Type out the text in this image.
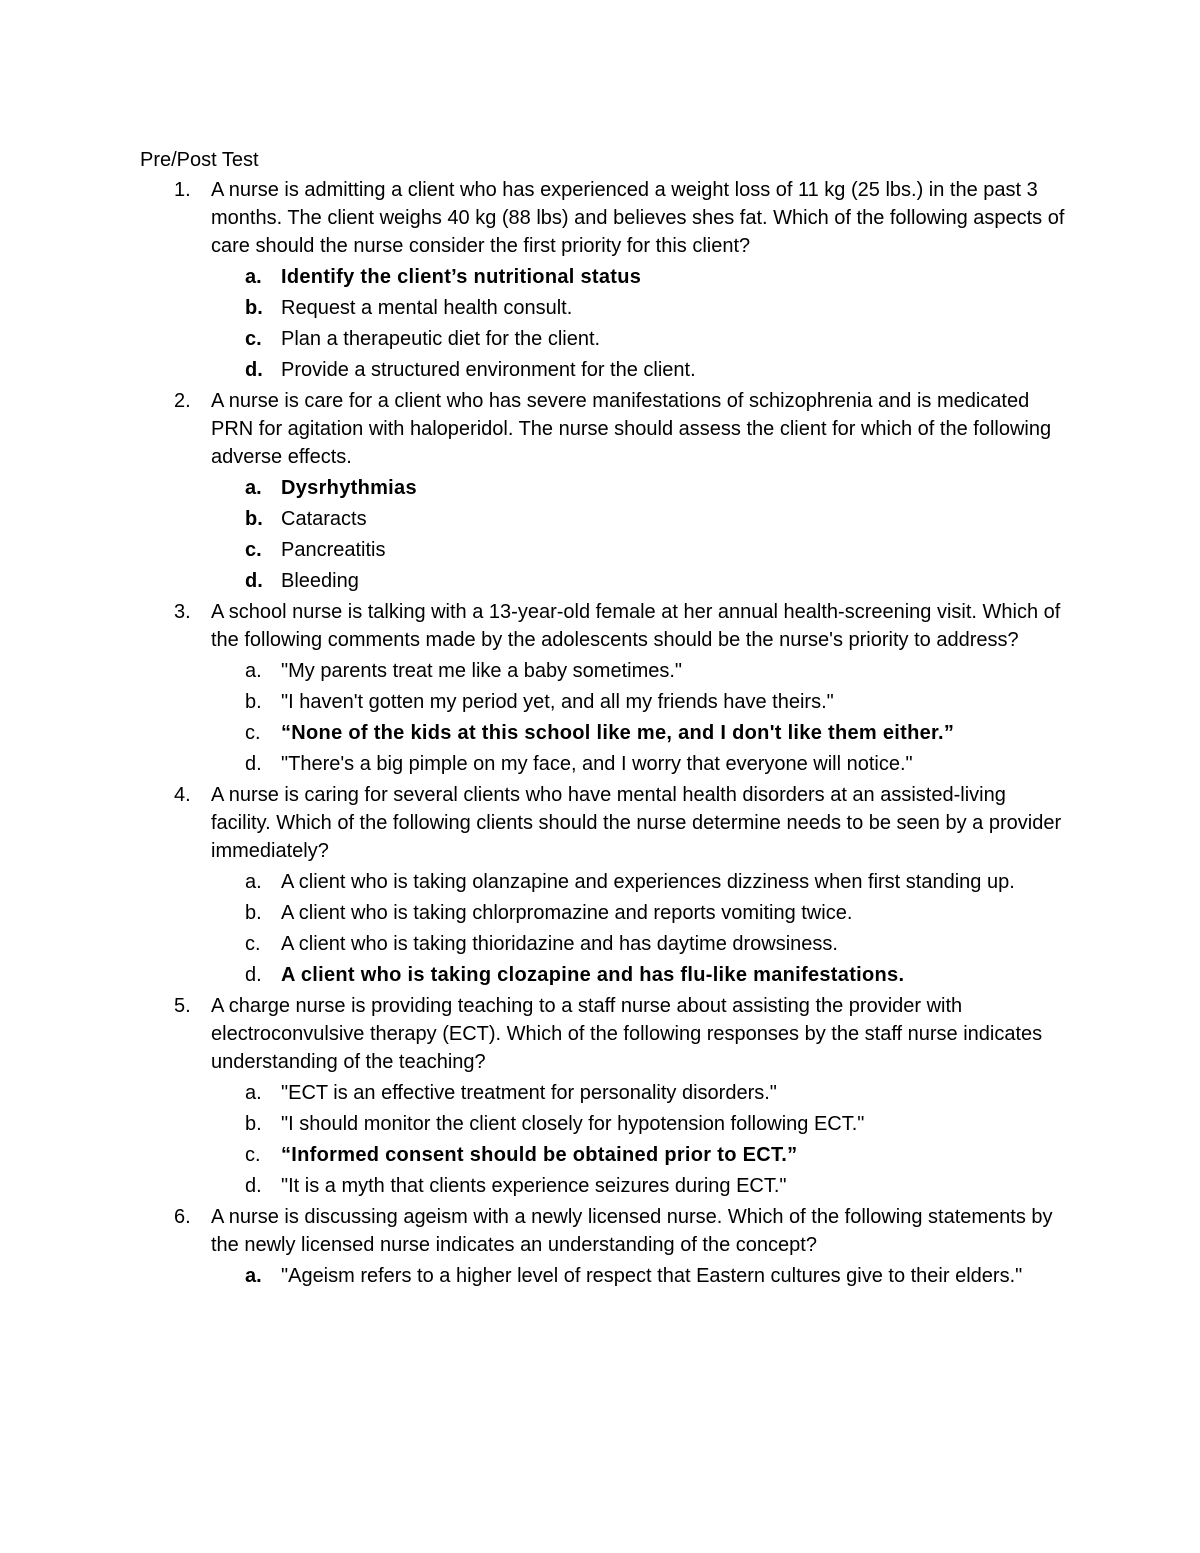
Pre/Post Test
1. A nurse is admitting a client who has experienced a weight loss of 11 kg (25 lbs.) in the past 3 months. The client weighs 40 kg (88 lbs) and believes shes fat. Which of the following aspects of care should the nurse consider the first priority for this client?
a. Identify the client’s nutritional status
b. Request a mental health consult.
c. Plan a therapeutic diet for the client.
d. Provide a structured environment for the client.
2. A nurse is care for a client who has severe manifestations of schizophrenia and is medicated PRN for agitation with haloperidol. The nurse should assess the client for which of the following adverse effects.
a. Dysrhythmias
b. Cataracts
c. Pancreatitis
d. Bleeding
3. A school nurse is talking with a 13-year-old female at her annual health-screening visit. Which of the following comments made by the adolescents should be the nurse's priority to address?
a. "My parents treat me like a baby sometimes."
b. "I haven't gotten my period yet, and all my friends have theirs."
c. “None of the kids at this school like me, and I don't like them either.”
d. "There's a big pimple on my face, and I worry that everyone will notice."
4. A nurse is caring for several clients who have mental health disorders at an assisted-living facility. Which of the following clients should the nurse determine needs to be seen by a provider immediately?
a. A client who is taking olanzapine and experiences dizziness when first standing up.
b. A client who is taking chlorpromazine and reports vomiting twice.
c. A client who is taking thioridazine and has daytime drowsiness.
d. A client who is taking clozapine and has flu-like manifestations.
5. A charge nurse is providing teaching to a staff nurse about assisting the provider with electroconvulsive therapy (ECT). Which of the following responses by the staff nurse indicates understanding of the teaching?
a. "ECT is an effective treatment for personality disorders."
b. "I should monitor the client closely for hypotension following ECT."
c. “Informed consent should be obtained prior to ECT.”
d. "It is a myth that clients experience seizures during ECT."
6. A nurse is discussing ageism with a newly licensed nurse. Which of the following statements by the newly licensed nurse indicates an understanding of the concept?
a. "Ageism refers to a higher level of respect that Eastern cultures give to their elders."
